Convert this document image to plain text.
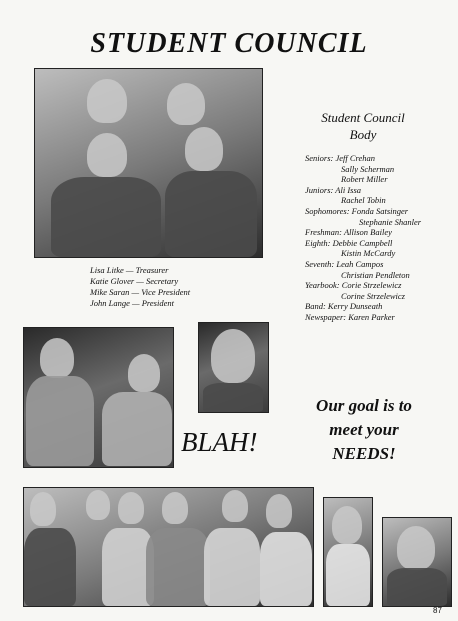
STUDENT COUNCIL
Lisa Litke — Treasurer
Katie Glover — Secretary
Mike Saran — Vice President
John Lange — President
Student Council
Body
Seniors: Jeff Crehan
Sally Scherman
Robert Miller
Juniors: Ali Issa
Rachel Tobin
Sophomores: Fonda Satsinger
Stephanie Shanler
Freshman: Allison Bailey
Eighth: Debbie Campbell
Kistin McCardy
Seventh: Leah Campos
Christian Pendleton
Yearbook: Corie Strzelewicz
Corine Strzelewicz
Band: Kerry Dunseath
Newspaper: Karen Parker
BLAH!
Our goal is to
meet your
NEEDS!
87
